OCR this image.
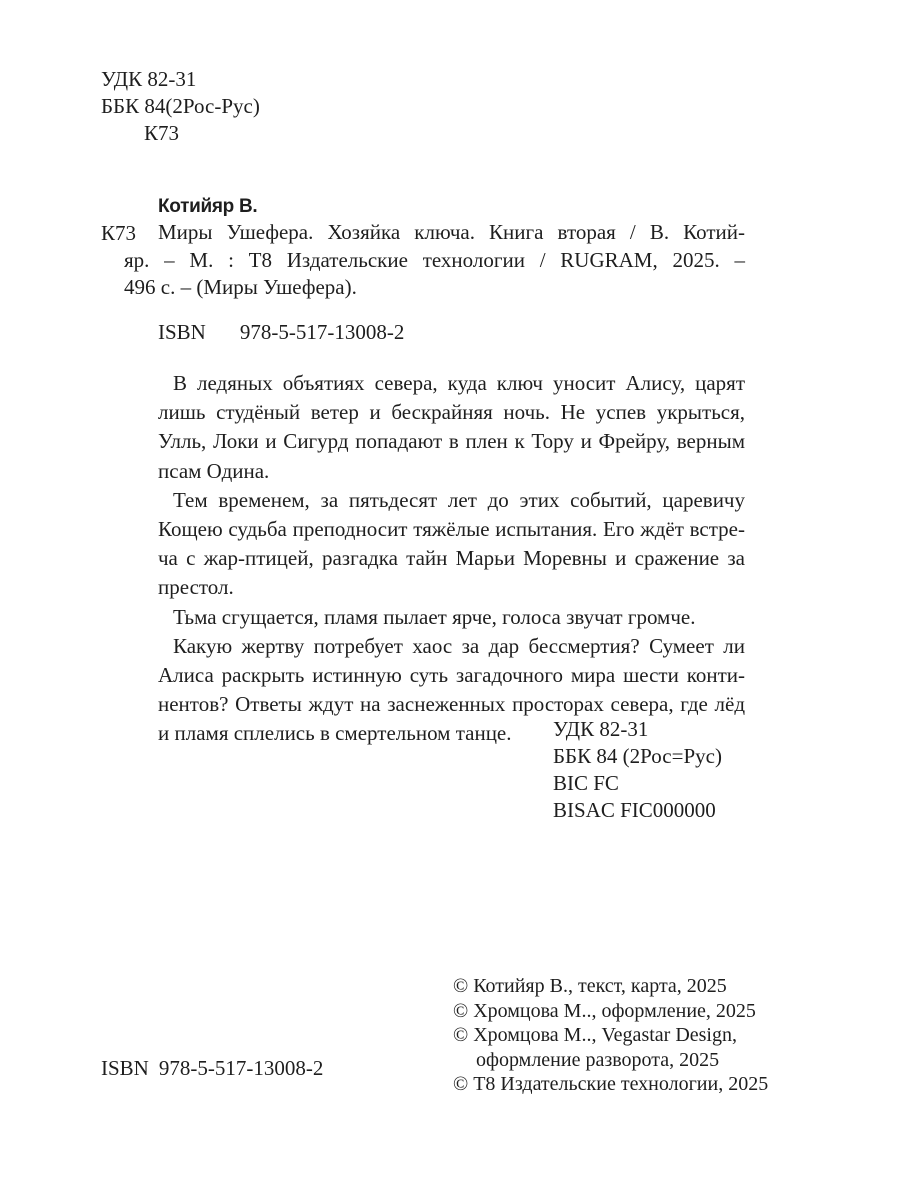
УДК 82-31
ББК 84(2Рос-Рус)
К73
Котийяр В.
К73 Миры Ушефера. Хозяйка ключа. Книга вторая / В. Котий-
яр. – М. : Т8 Издательские технологии / RUGRAM, 2025. –
496 с. – (Миры Ушефера).
ISBN 978-5-517-13008-2
В ледяных объятиях севера, куда ключ уносит Алису, царят
лишь студёный ветер и бескрайняя ночь. Не успев укрыться,
Улль, Локи и Сигурд попадают в плен к Тору и Фрейру, верным
псам Одина.
Тем временем, за пятьдесят лет до этих событий, царевичу
Кощею судьба преподносит тяжёлые испытания. Его ждёт встре-
ча с жар-птицей, разгадка тайн Марьи Моревны и сражение за
престол.
Тьма сгущается, пламя пылает ярче, голоса звучат громче.
Какую жертву потребует хаос за дар бессмертия? Сумеет ли
Алиса раскрыть истинную суть загадочного мира шести конти-
нентов? Ответы ждут на заснеженных просторах севера, где лёд
и пламя сплелись в смертельном танце.	УДК 82-31
ББК 84 (2Рос=Рус)
BIC FC
BISAC FIC000000
© Котийяр В., текст, карта, 2025
© Хромцова М.., оформление, 2025
© Хромцова М.., Vegastar Design,
оформление разворота, 2025
© Т8 Издательские технологии, 2025
ISBN 978-5-517-13008-2
